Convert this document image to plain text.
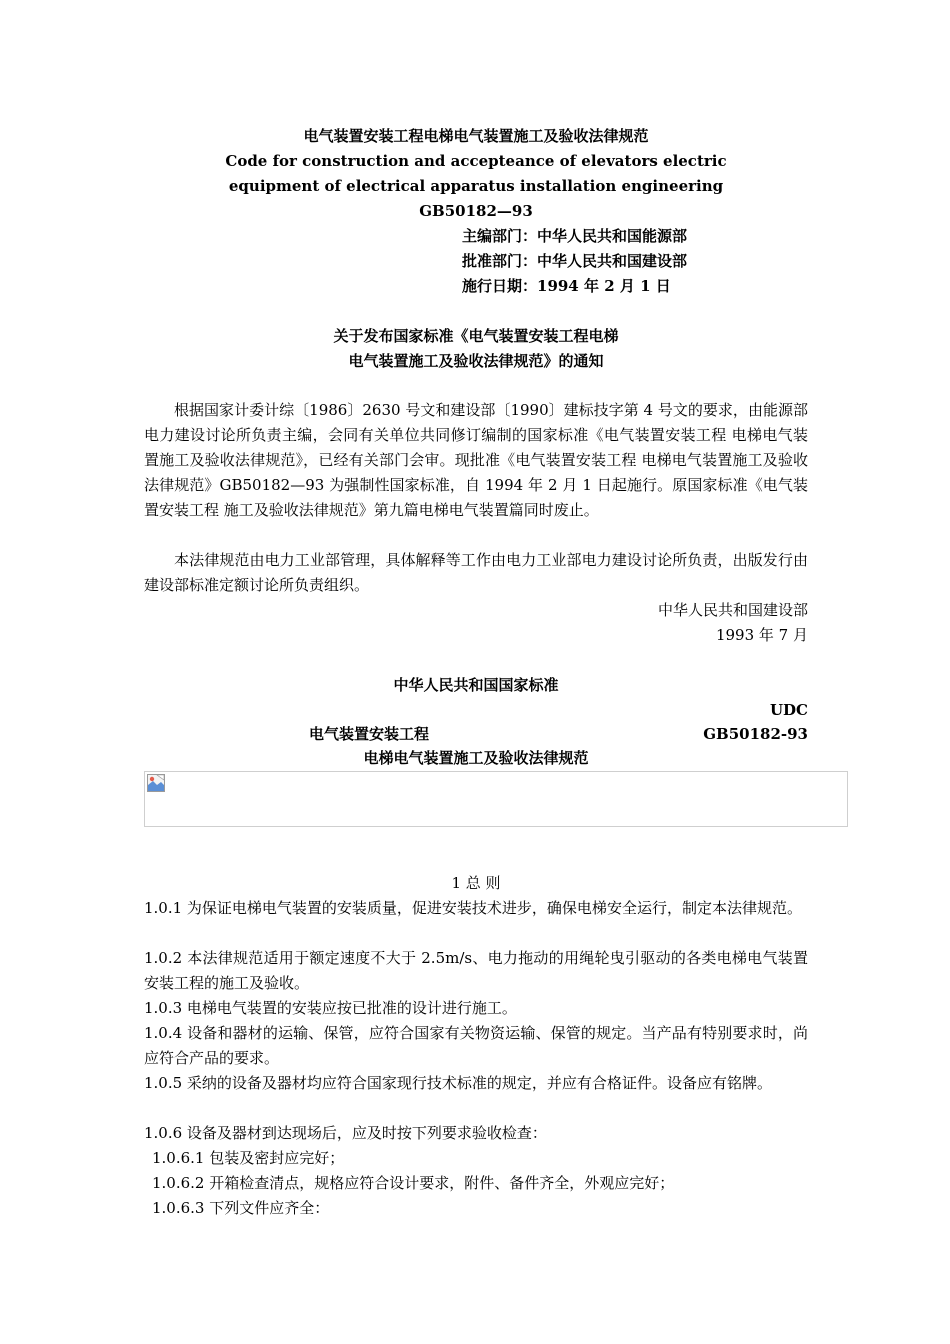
电气装置安装工程电梯电气装置施工及验收法律规范
Code for construction and accepteance of elevators electric
equipment of electrical apparatus installation engineering
GB50182—93
主编部门：中华人民共和国能源部
批准部门：中华人民共和国建设部
施行日期：1994 年 2 月 1 日
关于发布国家标准《电气装置安装工程电梯
电气装置施工及验收法律规范》的通知
根据国家计委计综〔1986〕2630 号文和建设部〔1990〕建标技字第 4 号文的要求，由能源部电力建设讨论所负责主编，会同有关单位共同修订编制的国家标准《电气装置安装工程 电梯电气装置施工及验收法律规范》，已经有关部门会审。现批准《电气装置安装工程 电梯电气装置施工及验收法律规范》GB50182—93 为强制性国家标准，自 1994 年 2 月 1 日起施行。原国家标准《电气装置安装工程 施工及验收法律规范》第九篇电梯电气装置篇同时废止。
本法律规范由电力工业部管理，具体解释等工作由电力工业部电力建设讨论所负责，出版发行由建设部标准定额讨论所负责组织。
中华人民共和国建设部
1993 年 7 月
中华人民共和国国家标准
UDC
电气装置安装工程	GB50182-93
电梯电气装置施工及验收法律规范
1 总 则
1.0.1 为保证电梯电气装置的安装质量，促进安装技术进步，确保电梯安全运行，制定本法律规范。
1.0.2 本法律规范适用于额定速度不大于 2.5m/s、电力拖动的用绳轮曳引驱动的各类电梯电气装置安装工程的施工及验收。
1.0.3 电梯电气装置的安装应按已批准的设计进行施工。
1.0.4 设备和器材的运输、保管，应符合国家有关物资运输、保管的规定。当产品有特别要求时，尚应符合产品的要求。
1.0.5 采纳的设备及器材均应符合国家现行技术标准的规定，并应有合格证件。设备应有铭牌。
1.0.6 设备及器材到达现场后，应及时按下列要求验收检查：
1.0.6.1 包装及密封应完好；
1.0.6.2 开箱检查清点，规格应符合设计要求，附件、备件齐全，外观应完好；
1.0.6.3 下列文件应齐全：
